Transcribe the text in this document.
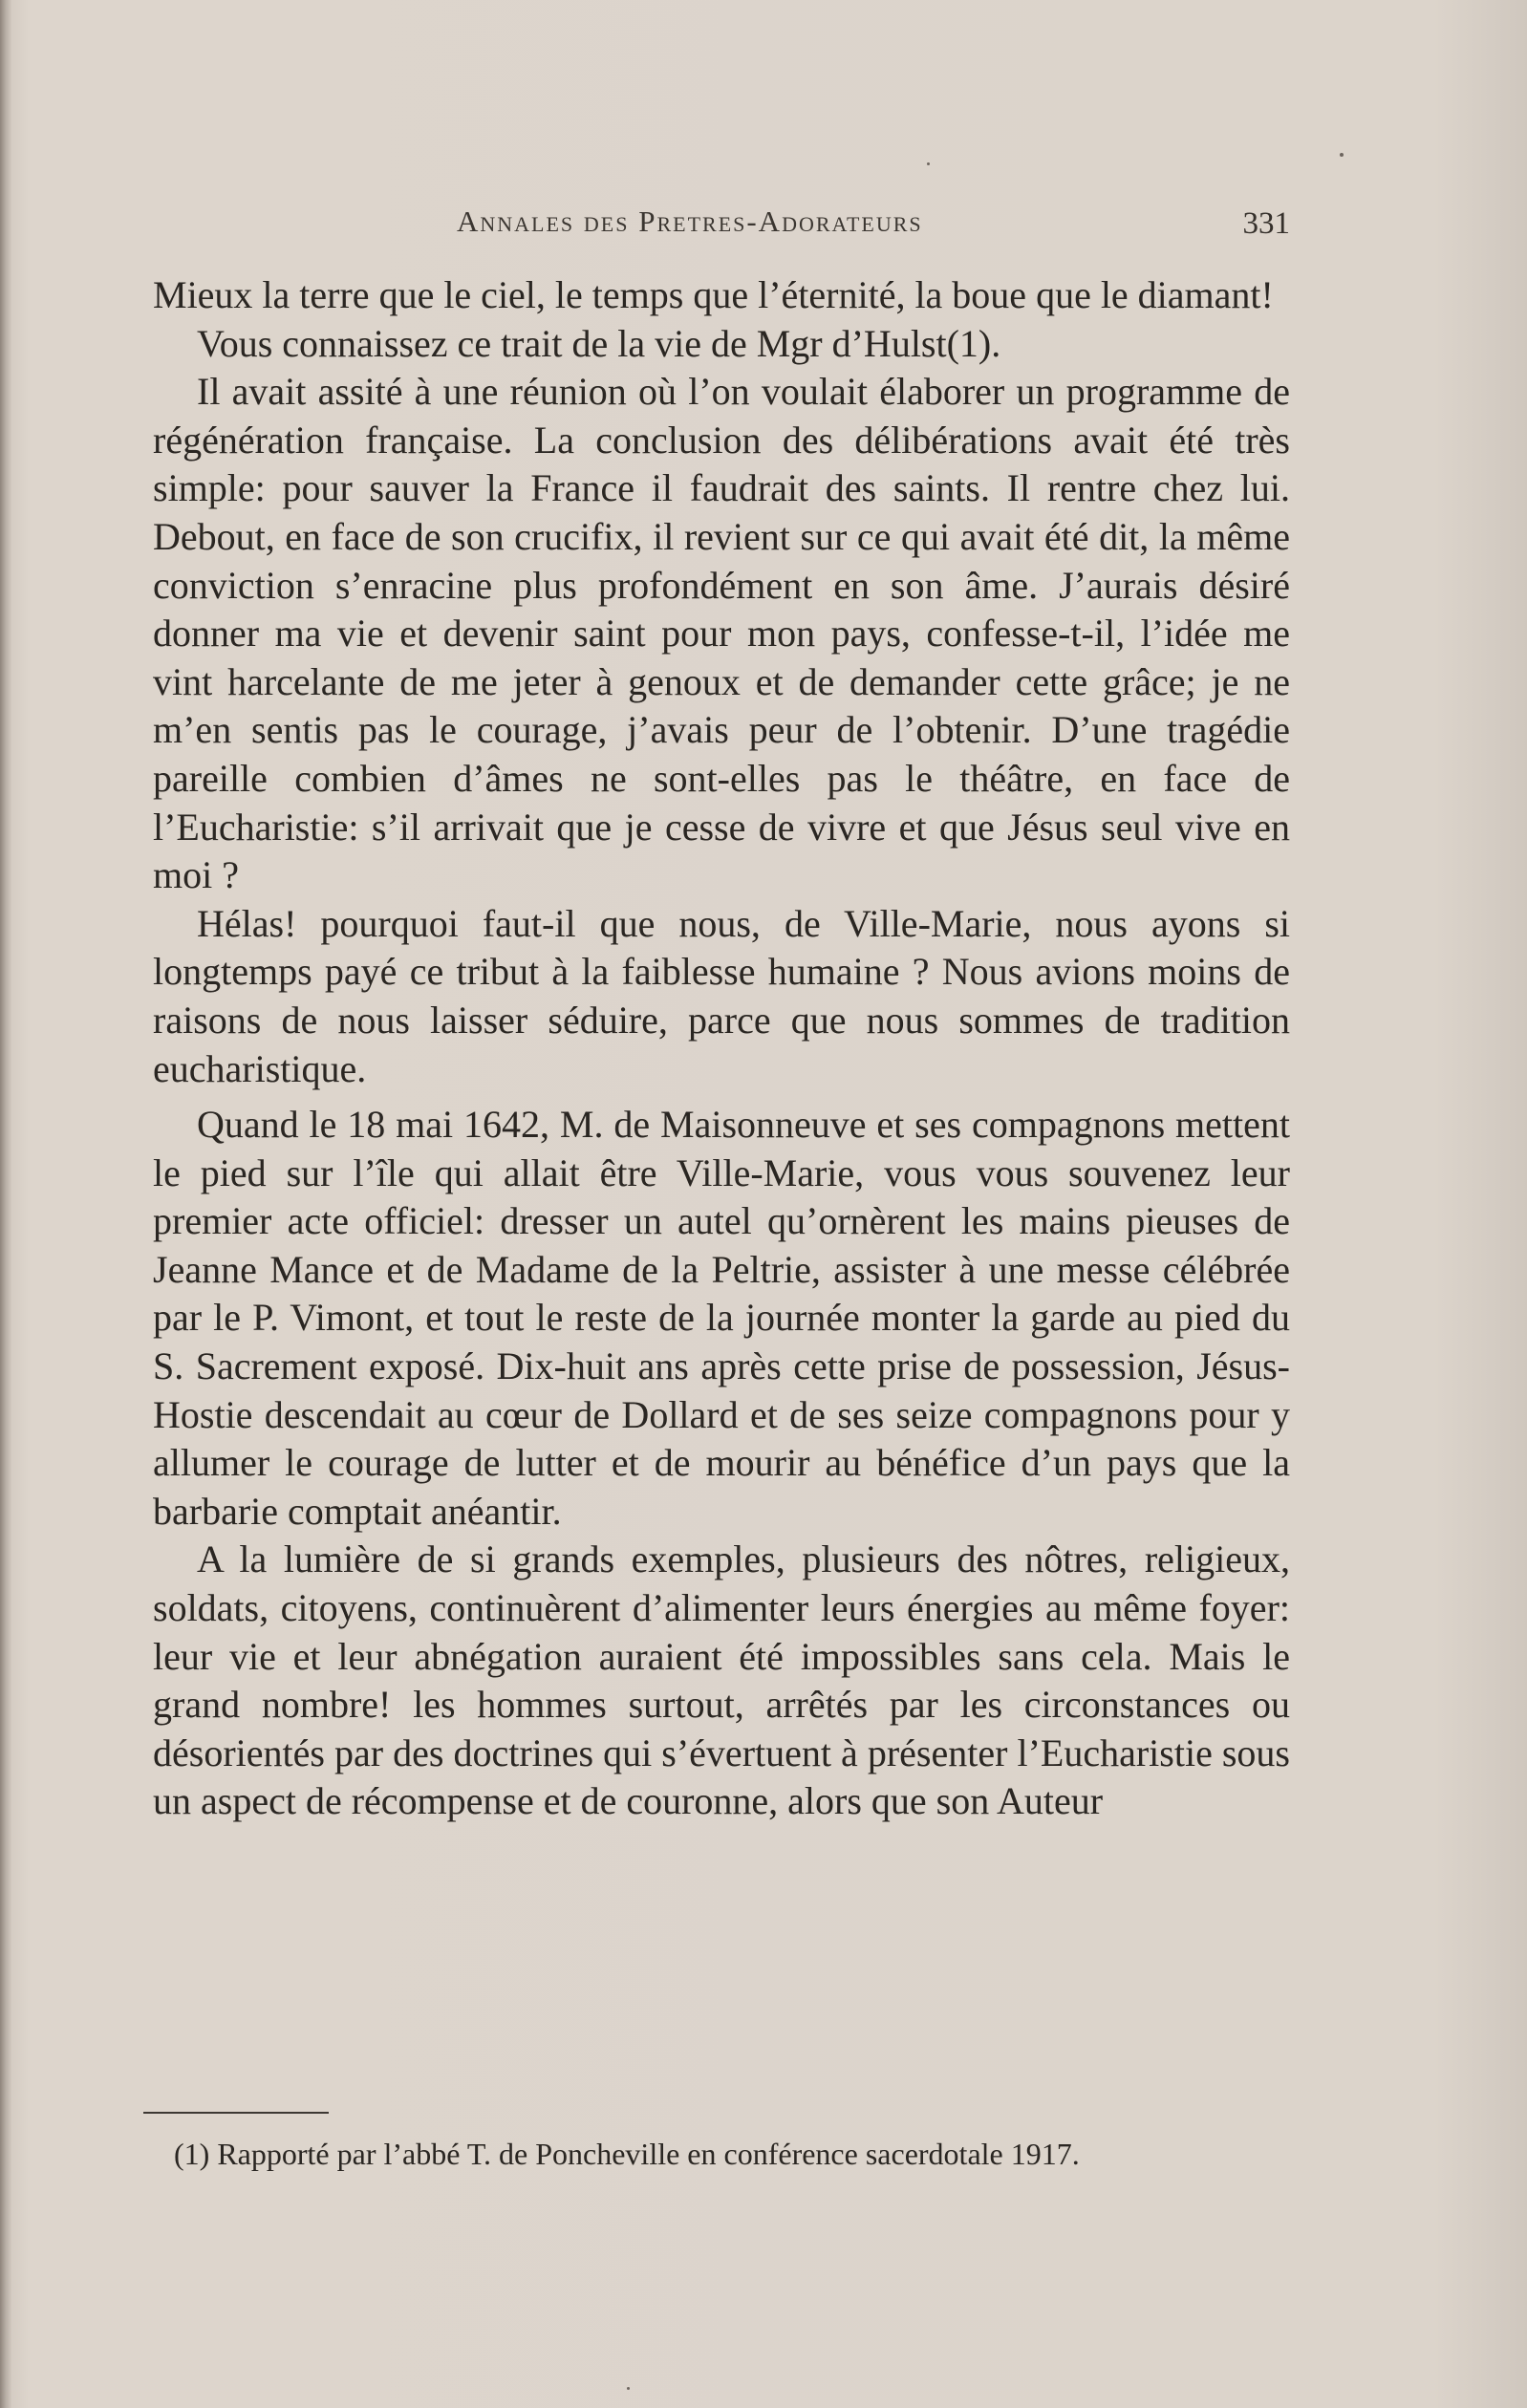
Annales des Pretres-Adorateurs	331

Mieux la terre que le ciel, le temps que l’éternité, la boue que le diamant!

Vous connaissez ce trait de la vie de Mgr d’Hulst(1).

Il avait assité à une réunion où l’on voulait élaborer un programme de régénération française. La conclusion des délibérations avait été très simple: pour sauver la France il faudrait des saints. Il rentre chez lui. Debout, en face de son crucifix, il revient sur ce qui avait été dit, la même conviction s’enracine plus profondément en son âme. J’aurais désiré donner ma vie et devenir saint pour mon pays, confesse-t-il, l’idée me vint harcelante de me jeter à genoux et de demander cette grâce; je ne m’en sentis pas le courage, j’avais peur de l’obtenir. D’une tragédie pareille combien d’âmes ne sont-elles pas le théâtre, en face de l’Eucharistie: s’il arrivait que je cesse de vivre et que Jésus seul vive en moi ?

Hélas! pourquoi faut-il que nous, de Ville-Marie, nous ayons si longtemps payé ce tribut à la faiblesse humaine ? Nous avions moins de raisons de nous laisser séduire, parce que nous sommes de tradition eucharistique.

Quand le 18 mai 1642, M. de Maisonneuve et ses compagnons mettent le pied sur l’île qui allait être Ville-Marie, vous vous souvenez leur premier acte officiel: dresser un autel qu’ornèrent les mains pieuses de Jeanne Mance et de Madame de la Peltrie, assister à une messe célébrée par le P. Vimont, et tout le reste de la journée monter la garde au pied du S. Sacrement exposé. Dix-huit ans après cette prise de possession, Jésus-Hostie descendait au cœur de Dollard et de ses seize compagnons pour y allumer le courage de lutter et de mourir au bénéfice d’un pays que la barbarie comptait anéantir.

A la lumière de si grands exemples, plusieurs des nôtres, religieux, soldats, citoyens, continuèrent d’alimenter leurs énergies au même foyer: leur vie et leur abnégation auraient été impossibles sans cela. Mais le grand nombre! les hommes surtout, arrêtés par les circonstances ou désorientés par des doctrines qui s’évertuent à présenter l’Eucharistie sous un aspect de récompense et de couronne, alors que son Auteur

(1) Rapporté par l’abbé T. de Poncheville en conférence sacerdotale 1917.
